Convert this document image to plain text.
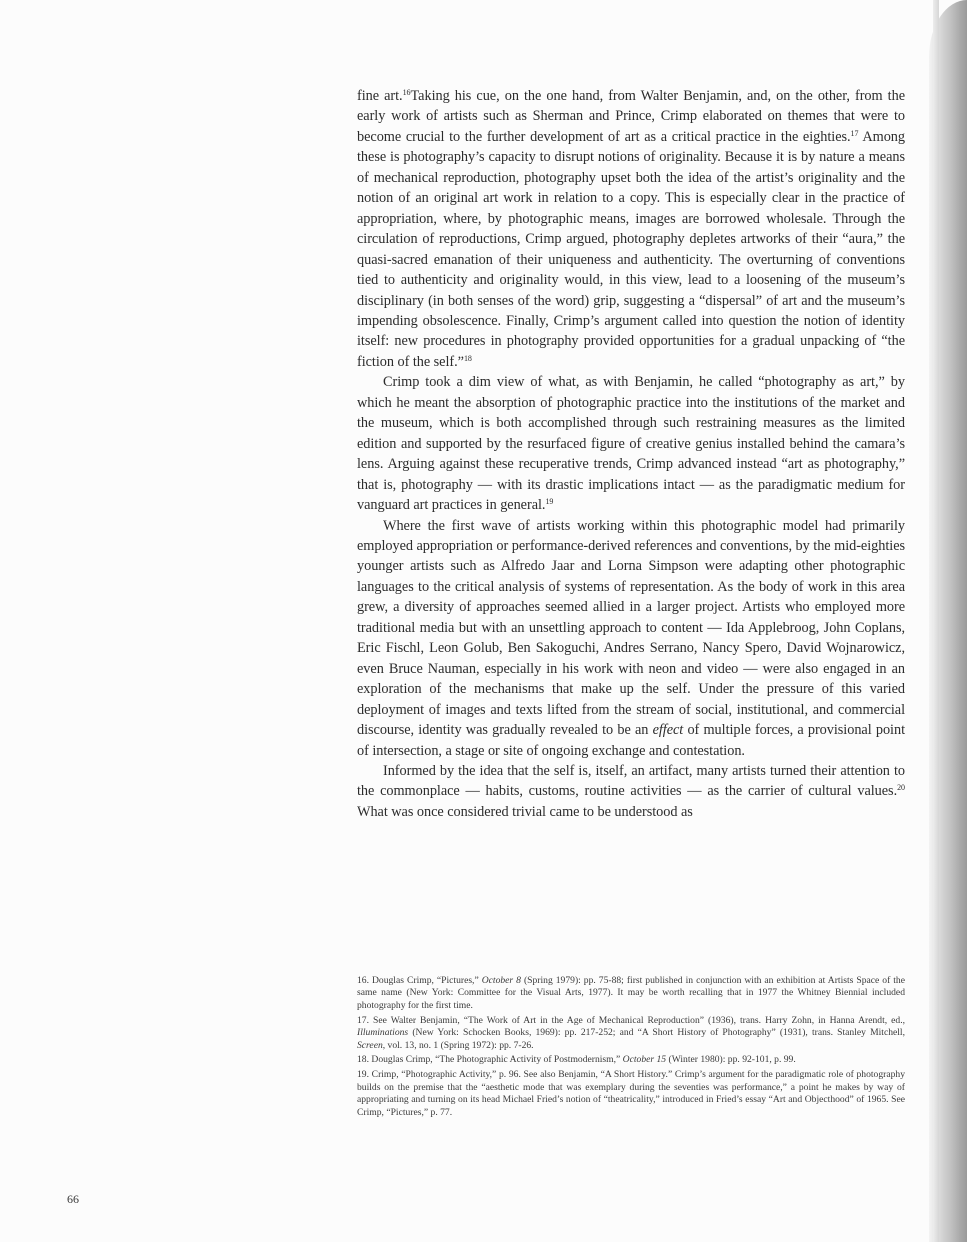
fine art.$^{16}$Taking his cue, on the one hand, from Walter Benjamin, and, on the other, from the early work of artists such as Sherman and Prince, Crimp elaborated on themes that were to become crucial to the further development of art as a critical practice in the eighties.$^{17}$ Among these is photography’s capacity to disrupt notions of originality. Because it is by nature a means of mechanical reproduction, photography upset both the idea of the artist’s originality and the notion of an original art work in relation to a copy. This is especially clear in the practice of appropriation, where, by photographic means, images are borrowed wholesale. Through the circulation of reproductions, Crimp argued, photography depletes artworks of their “aura,” the quasi-sacred emanation of their uniqueness and authenticity. The overturning of conventions tied to authenticity and originality would, in this view, lead to a loosening of the museum’s disciplinary (in both senses of the word) grip, suggesting a “dispersal” of art and the museum’s impending obsolescence. Finally, Crimp’s argument called into question the notion of identity itself: new procedures in photography provided opportunities for a gradual unpacking of “the fiction of the self.”$^{18}$

Crimp took a dim view of what, as with Benjamin, he called “photography as art,” by which he meant the absorption of photographic practice into the institutions of the market and the museum, which is both accomplished through such restraining measures as the limited edition and supported by the resurfaced figure of creative genius installed behind the camara’s lens. Arguing against these recuperative trends, Crimp advanced instead “art as photography,” that is, photography — with its drastic implications intact — as the paradigmatic medium for vanguard art practices in general.$^{19}$

Where the first wave of artists working within this photographic model had primarily employed appropriation or performance-derived references and conventions, by the mid-eighties younger artists such as Alfredo Jaar and Lorna Simpson were adapting other photographic languages to the critical analysis of systems of representation. As the body of work in this area grew, a diversity of approaches seemed allied in a larger project. Artists who employed more traditional media but with an unsettling approach to content — Ida Applebroog, John Coplans, Eric Fischl, Leon Golub, Ben Sakoguchi, Andres Serrano, Nancy Spero, David Wojnarowicz, even Bruce Nauman, especially in his work with neon and video — were also engaged in an exploration of the mechanisms that make up the self. Under the pressure of this varied deployment of images and texts lifted from the stream of social, institutional, and commercial discourse, identity was gradually revealed to be an effect of multiple forces, a provisional point of intersection, a stage or site of ongoing exchange and contestation.

Informed by the idea that the self is, itself, an artifact, many artists turned their attention to the commonplace — habits, customs, routine activities — as the carrier of cultural values.$^{20}$ What was once considered trivial came to be understood as

16. Douglas Crimp, “Pictures,” October 8 (Spring 1979): pp. 75-88; first published in conjunction with an exhibition at Artists Space of the same name (New York: Committee for the Visual Arts, 1977). It may be worth recalling that in 1977 the Whitney Biennial included photography for the first time.

17. See Walter Benjamin, “The Work of Art in the Age of Mechanical Reproduction” (1936), trans. Harry Zohn, in Hanna Arendt, ed., Illuminations (New York: Schocken Books, 1969): pp. 217-252; and “A Short History of Photography” (1931), trans. Stanley Mitchell, Screen, vol. 13, no. 1 (Spring 1972): pp. 7-26.

18. Douglas Crimp, “The Photographic Activity of Postmodernism,” October 15 (Winter 1980): pp. 92-101, p. 99.

19. Crimp, “Photographic Activity,” p. 96. See also Benjamin, “A Short History.” Crimp’s argument for the paradigmatic role of photography builds on the premise that the “aesthetic mode that was exemplary during the seventies was performance,” a point he makes by way of appropriating and turning on its head Michael Fried’s notion of “theatricality,” introduced in Fried’s essay “Art and Objecthood” of 1965. See Crimp, “Pictures,” p. 77.

66
